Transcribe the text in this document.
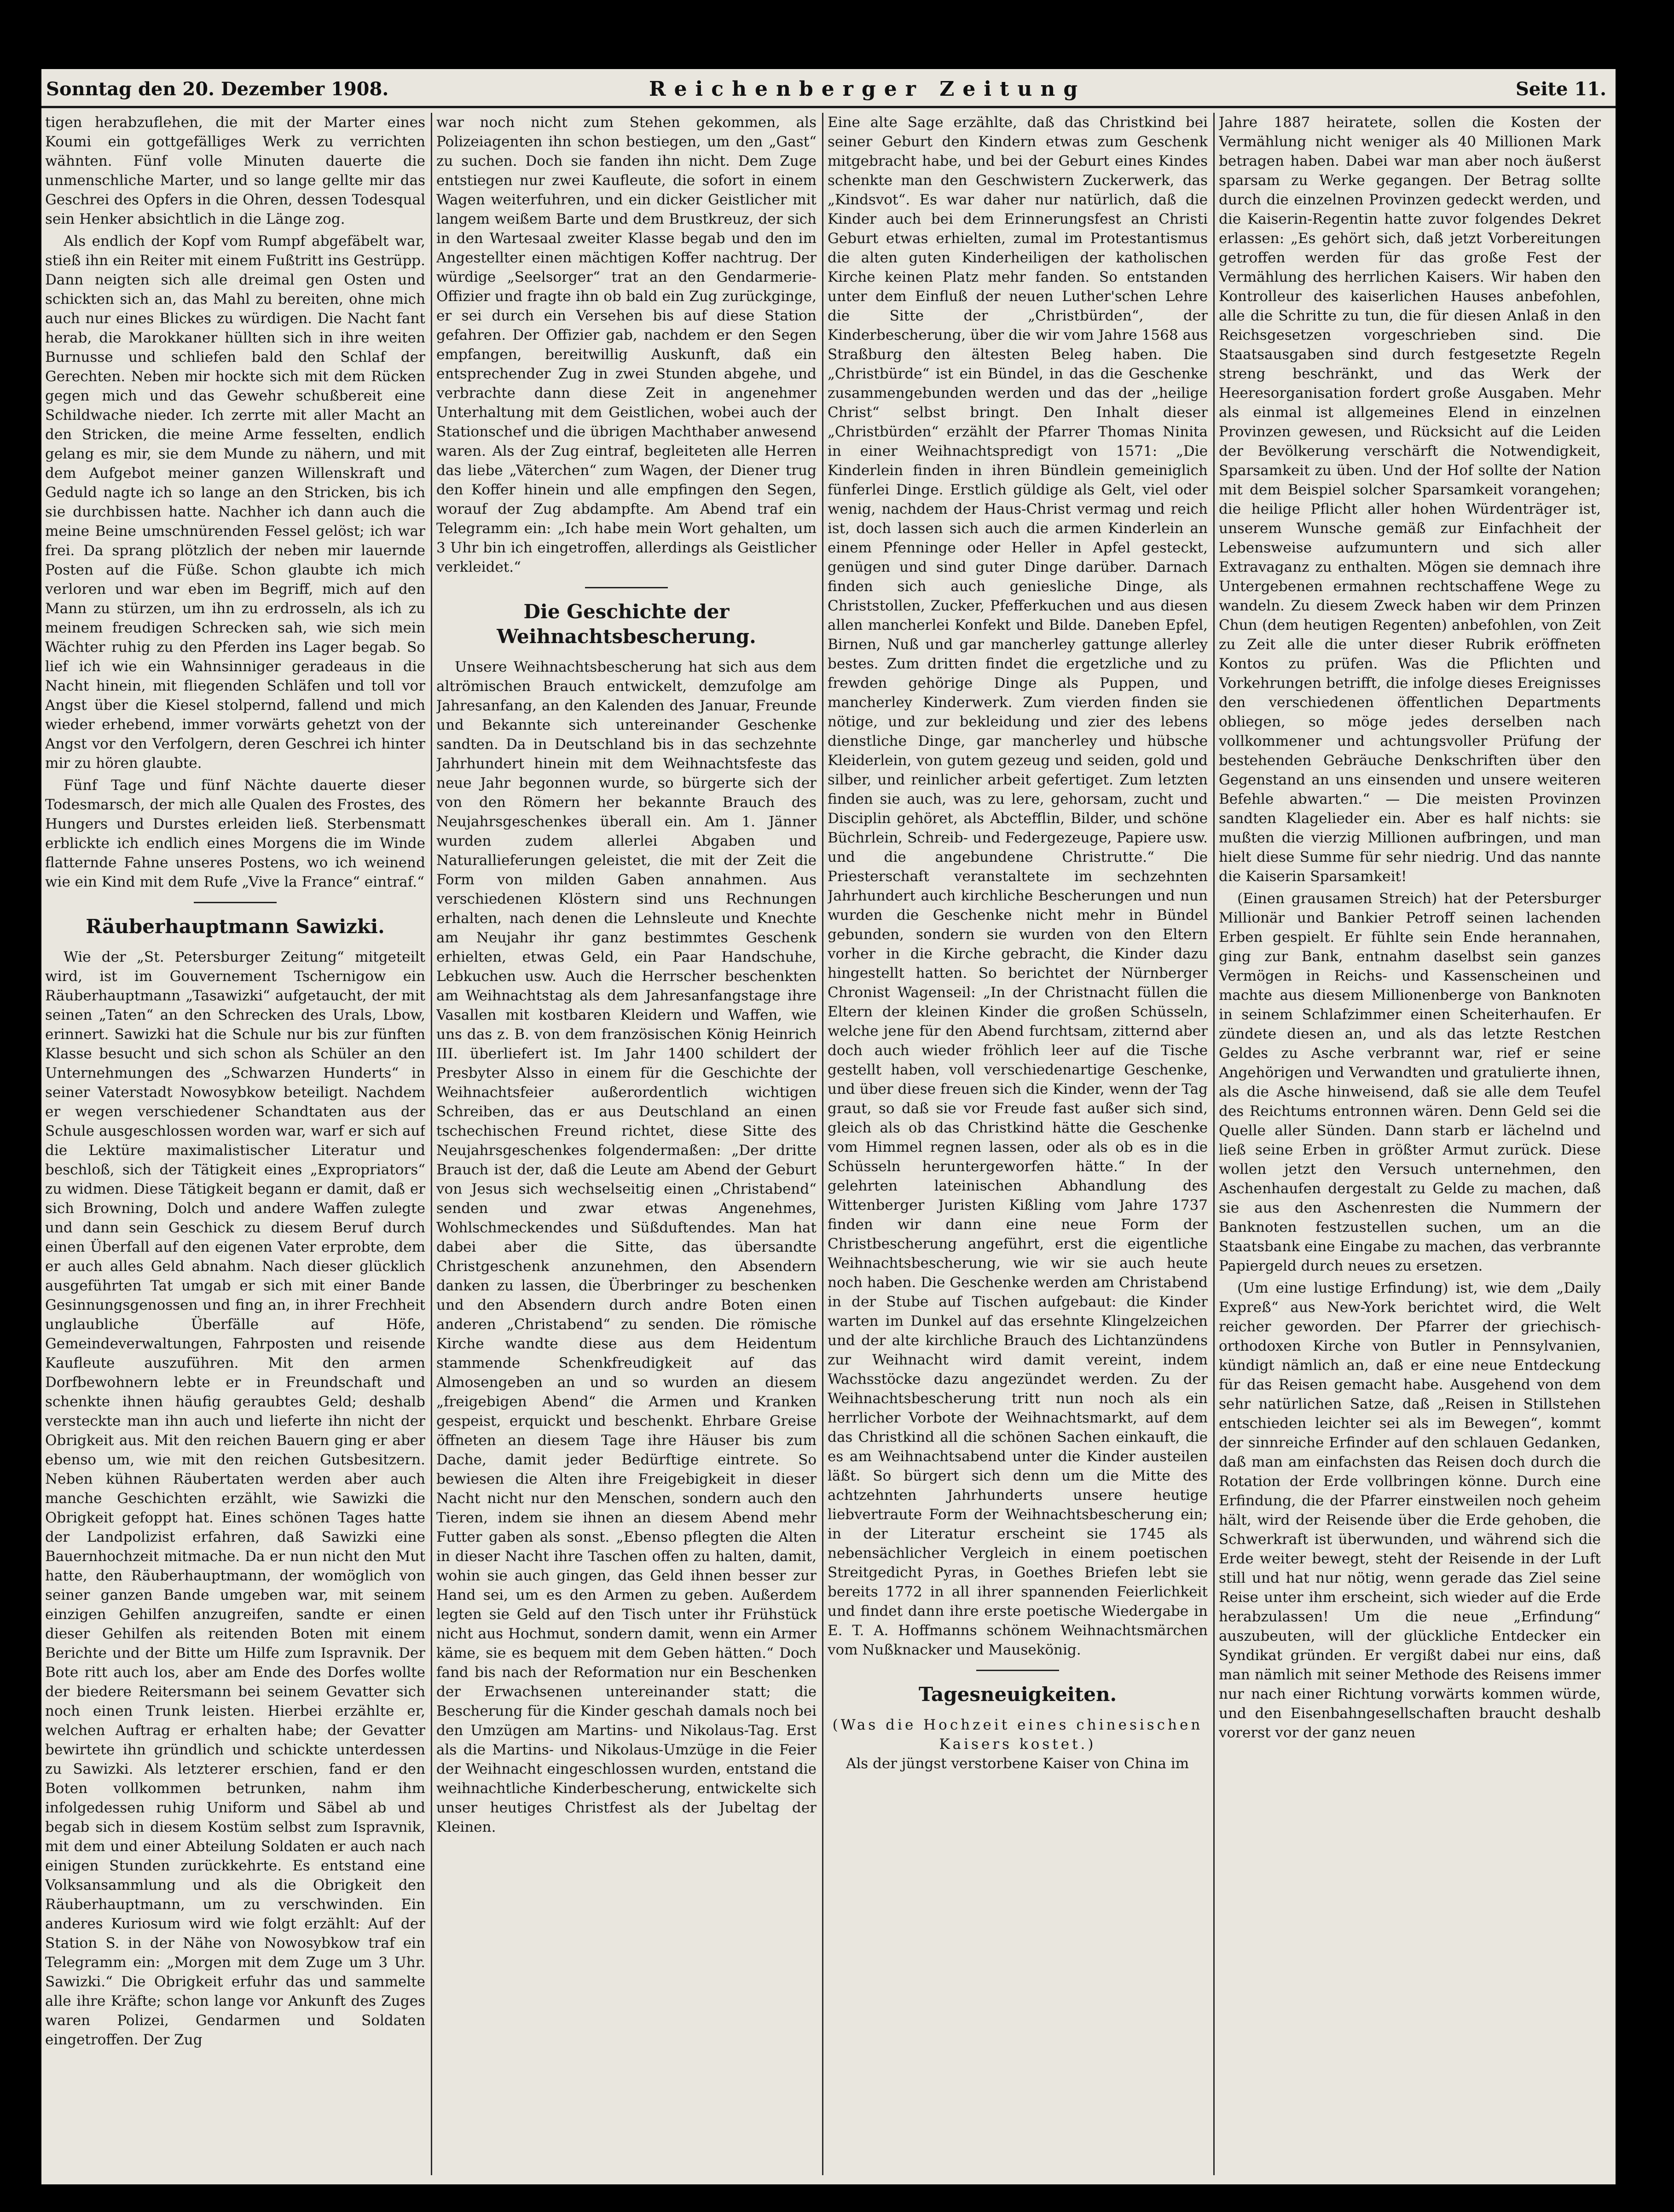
Sonntag den 20. Dezember 1908.	Reichenberger Zeitung	Seite 11.

tigen herabzuflehen, die mit der Marter eines Koumi ein gottgefälliges Werk zu verrichten wähnten. Fünf volle Minuten dauerte die unmenschliche Marter, und so lange gellte mir das Geschrei des Opfers in die Ohren, dessen Todesqual sein Henker absichtlich in die Länge zog.

Als endlich der Kopf vom Rumpf abgefäbelt war, stieß ihn ein Reiter mit einem Fußtritt ins Gestrüpp. Dann neigten sich alle dreimal gen Osten und schickten sich an, das Mahl zu bereiten, ohne mich auch nur eines Blickes zu würdigen. Die Nacht fant herab, die Marokkaner hüllten sich in ihre weiten Burnusse und schliefen bald den Schlaf der Gerechten. Neben mir hockte sich mit dem Rücken gegen mich und das Gewehr schußbereit eine Schildwache nieder. Ich zerrte mit aller Macht an den Stricken, die meine Arme fesselten, endlich gelang es mir, sie dem Munde zu nähern, und mit dem Aufgebot meiner ganzen Willenskraft und Geduld nagte ich so lange an den Stricken, bis ich sie durchbissen hatte. Nachher ich dann auch die meine Beine umschnürenden Fessel gelöst; ich war frei. Da sprang plötzlich der neben mir lauernde Posten auf die Füße. Schon glaubte ich mich verloren und war eben im Begriff, mich auf den Mann zu stürzen, um ihn zu erdrosseln, als ich zu meinem freudigen Schrecken sah, wie sich mein Wächter ruhig zu den Pferden ins Lager begab. So lief ich wie ein Wahnsinniger geradeaus in die Nacht hinein, mit fliegenden Schläfen und toll vor Angst über die Kiesel stolpernd, fallend und mich wieder erhebend, immer vorwärts gehetzt von der Angst vor den Verfolgern, deren Geschrei ich hinter mir zu hören glaubte.

Fünf Tage und fünf Nächte dauerte dieser Todesmarsch, der mich alle Qualen des Frostes, des Hungers und Durstes erleiden ließ. Sterbensmatt erblickte ich endlich eines Morgens die im Winde flatternde Fahne unseres Postens, wo ich weinend wie ein Kind mit dem Rufe „Vive la France“ eintraf.“

Räuberhauptmann Sawizki.

Wie der „St. Petersburger Zeitung“ mitgeteilt wird, ist im Gouvernement Tschernigow ein Räuberhauptmann „Tasawizki“ aufgetaucht, der mit seinen „Taten“ an den Schrecken des Urals, Lbow, erinnert. Sawizki hat die Schule nur bis zur fünften Klasse besucht und sich schon als Schüler an den Unternehmungen des „Schwarzen Hunderts“ in seiner Vaterstadt Nowosybkow beteiligt. Nachdem er wegen verschiedener Schandtaten aus der Schule ausgeschlossen worden war, warf er sich auf die Lektüre maximalistischer Literatur und beschloß, sich der Tätigkeit eines „Expropriators“ zu widmen. Diese Tätigkeit begann er damit, daß er sich Browning, Dolch und andere Waffen zulegte und dann sein Geschick zu diesem Beruf durch einen Überfall auf den eigenen Vater erprobte, dem er auch alles Geld abnahm. Nach dieser glücklich ausgeführten Tat umgab er sich mit einer Bande Gesinnungsgenossen und fing an, in ihrer Frechheit unglaubliche Überfälle auf Höfe, Gemeindeverwaltungen, Fahrposten und reisende Kaufleute auszuführen. Mit den armen Dorfbewohnern lebte er in Freundschaft und schenkte ihnen häufig geraubtes Geld; deshalb versteckte man ihn auch und lieferte ihn nicht der Obrigkeit aus. Mit den reichen Bauern ging er aber ebenso um, wie mit den reichen Gutsbesitzern. Neben kühnen Räubertaten werden aber auch manche Geschichten erzählt, wie Sawizki die Obrigkeit gefoppt hat. Eines schönen Tages hatte der Landpolizist erfahren, daß Sawizki eine Bauernhochzeit mitmache. Da er nun nicht den Mut hatte, den Räuberhauptmann, der womöglich von seiner ganzen Bande umgeben war, mit seinem einzigen Gehilfen anzugreifen, sandte er einen dieser Gehilfen als reitenden Boten mit einem Berichte und der Bitte um Hilfe zum Ispravnik. Der Bote ritt auch los, aber am Ende des Dorfes wollte der biedere Reitersmann bei seinem Gevatter sich noch einen Trunk leisten. Hierbei erzählte er, welchen Auftrag er erhalten habe; der Gevatter bewirtete ihn gründlich und schickte unterdessen zu Sawizki. Als letzterer erschien, fand er den Boten vollkommen betrunken, nahm ihm infolgedessen ruhig Uniform und Säbel ab und begab sich in diesem Kostüm selbst zum Ispravnik, mit dem und einer Abteilung Soldaten er auch nach einigen Stunden zurückkehrte. Es entstand eine Volksansammlung und als die Obrigkeit den Räuberhauptmann, um zu verschwinden. Ein anderes Kuriosum wird wie folgt erzählt: Auf der Station S. in der Nähe von Nowosybkow traf ein Telegramm ein: „Morgen mit dem Zuge um 3 Uhr. Sawizki.“ Die Obrigkeit erfuhr das und sammelte alle ihre Kräfte; schon lange vor Ankunft des Zuges waren Polizei, Gendarmen und Soldaten eingetroffen. Der Zug

war noch nicht zum Stehen gekommen, als Polizeiagenten ihn schon bestiegen, um den „Gast“ zu suchen. Doch sie fanden ihn nicht. Dem Zuge entstiegen nur zwei Kaufleute, die sofort in einem Wagen weiterfuhren, und ein dicker Geistlicher mit langem weißem Barte und dem Brustkreuz, der sich in den Wartesaal zweiter Klasse begab und den im Angestellter einen mächtigen Koffer nachtrug. Der würdige „Seelsorger“ trat an den Gendarmerie-Offizier und fragte ihn ob bald ein Zug zurückginge, er sei durch ein Versehen bis auf diese Station gefahren. Der Offizier gab, nachdem er den Segen empfangen, bereitwillig Auskunft, daß ein entsprechender Zug in zwei Stunden abgehe, und verbrachte dann diese Zeit in angenehmer Unterhaltung mit dem Geistlichen, wobei auch der Stationschef und die übrigen Machthaber anwesend waren. Als der Zug eintraf, begleiteten alle Herren das liebe „Väterchen“ zum Wagen, der Diener trug den Koffer hinein und alle empfingen den Segen, worauf der Zug abdampfte. Am Abend traf ein Telegramm ein: „Ich habe mein Wort gehalten, um 3 Uhr bin ich eingetroffen, allerdings als Geistlicher verkleidet.“

Die Geschichte der
Weihnachtsbescherung.

Unsere Weihnachtsbescherung hat sich aus dem altrömischen Brauch entwickelt, demzufolge am Jahresanfang, an den Kalenden des Januar, Freunde und Bekannte sich untereinander Geschenke sandten. Da in Deutschland bis in das sechzehnte Jahrhundert hinein mit dem Weihnachtsfeste das neue Jahr begonnen wurde, so bürgerte sich der von den Römern her bekannte Brauch des Neujahrsgeschenkes überall ein. Am 1. Jänner wurden zudem allerlei Abgaben und Naturallieferungen geleistet, die mit der Zeit die Form von milden Gaben annahmen. Aus verschiedenen Klöstern sind uns Rechnungen erhalten, nach denen die Lehnsleute und Knechte am Neujahr ihr ganz bestimmtes Geschenk erhielten, etwas Geld, ein Paar Handschuhe, Lebkuchen usw. Auch die Herrscher beschenkten am Weihnachtstag als dem Jahresanfangstage ihre Vasallen mit kostbaren Kleidern und Waffen, wie uns das z. B. von dem französischen König Heinrich III. überliefert ist. Im Jahr 1400 schildert der Presbyter Alsso in einem für die Geschichte der Weihnachtsfeier außerordentlich wichtigen Schreiben, das er aus Deutschland an einen tschechischen Freund richtet, diese Sitte des Neujahrsgeschenkes folgendermaßen: „Der dritte Brauch ist der, daß die Leute am Abend der Geburt von Jesus sich wechselseitig einen „Christabend“ senden und zwar etwas Angenehmes, Wohlschmeckendes und Süßduftendes. Man hat dabei aber die Sitte, das übersandte Christgeschenk anzunehmen, den Absendern danken zu lassen, die Überbringer zu beschenken und den Absendern durch andre Boten einen anderen „Christabend“ zu senden. Die römische Kirche wandte diese aus dem Heidentum stammende Schenkfreudigkeit auf das Almosengeben an und so wurden an diesem „freigebigen Abend“ die Armen und Kranken gespeist, erquickt und beschenkt. Ehrbare Greise öffneten an diesem Tage ihre Häuser bis zum Dache, damit jeder Bedürftige eintrete. So bewiesen die Alten ihre Freigebigkeit in dieser Nacht nicht nur den Menschen, sondern auch den Tieren, indem sie ihnen an diesem Abend mehr Futter gaben als sonst. „Ebenso pflegten die Alten in dieser Nacht ihre Taschen offen zu halten, damit, wohin sie auch gingen, das Geld ihnen besser zur Hand sei, um es den Armen zu geben. Außerdem legten sie Geld auf den Tisch unter ihr Frühstück nicht aus Hochmut, sondern damit, wenn ein Armer käme, sie es bequem mit dem Geben hätten.“ Doch fand bis nach der Reformation nur ein Beschenken der Erwachsenen untereinander statt; die Bescherung für die Kinder geschah damals noch bei den Umzügen am Martins- und Nikolaus-Tag. Erst als die Martins- und Nikolaus-Umzüge in die Feier der Weihnacht eingeschlossen wurden, entstand die weihnachtliche Kinderbescherung, entwickelte sich unser heutiges Christfest als der Jubeltag der Kleinen.

Eine alte Sage erzählte, daß das Christkind bei seiner Geburt den Kindern etwas zum Geschenk mitgebracht habe, und bei der Geburt eines Kindes schenkte man den Geschwistern Zuckerwerk, das „Kindsvot“. Es war daher nur natürlich, daß die Kinder auch bei dem Erinnerungsfest an Christi Geburt etwas erhielten, zumal im Protestantismus die alten guten Kinderheiligen der katholischen Kirche keinen Platz mehr fanden. So entstanden unter dem Einfluß der neuen Luther'schen Lehre die Sitte der „Christbürden“, der Kinderbescherung, über die wir vom Jahre 1568 aus Straßburg den ältesten Beleg haben. Die „Christbürde“ ist ein Bündel, in das die Geschenke zusammengebunden werden und das der „heilige Christ“ selbst bringt. Den Inhalt dieser „Christbürden“ erzählt der Pfarrer Thomas Ninita in einer Weihnachtspredigt von 1571: „Die Kinderlein finden in ihren Bündlein gemeiniglich fünferlei Dinge. Erstlich güldige als Gelt, viel oder wenig, nachdem der Haus-Christ vermag und reich ist, doch lassen sich auch die armen Kinderlein an einem Pfenninge oder Heller in Apfel gesteckt, genügen und sind guter Dinge darüber. Darnach finden sich auch geniesliche Dinge, als Christstollen, Zucker, Pfefferkuchen und aus diesen allen mancherlei Konfekt und Bilde. Daneben Epfel, Birnen, Nuß und gar mancherley gattunge allerley bestes. Zum dritten findet die ergetzliche und zu frewden gehörige Dinge als Puppen, und mancherley Kinderwerk. Zum vierden finden sie nötige, und zur bekleidung und zier des lebens dienstliche Dinge, gar mancherley und hübsche Kleiderlein, von gutem gezeug und seiden, gold und silber, und reinlicher arbeit gefertiget. Zum letzten finden sie auch, was zu lere, gehorsam, zucht und Disciplin gehöret, als Abctefflin, Bilder, und schöne Büchrlein, Schreib- und Federgezeuge, Papiere usw. und die angebundene Christrutte.“ Die Priesterschaft veranstaltete im sechzehnten Jahrhundert auch kirchliche Bescherungen und nun wurden die Geschenke nicht mehr in Bündel gebunden, sondern sie wurden von den Eltern vorher in die Kirche gebracht, die Kinder dazu hingestellt hatten. So berichtet der Nürnberger Chronist Wagenseil: „In der Christnacht füllen die Eltern der kleinen Kinder die großen Schüsseln, welche jene für den Abend furchtsam, zitternd aber doch auch wieder fröhlich leer auf die Tische gestellt haben, voll verschiedenartige Geschenke, und über diese freuen sich die Kinder, wenn der Tag graut, so daß sie vor Freude fast außer sich sind, gleich als ob das Christkind hätte die Geschenke vom Himmel regnen lassen, oder als ob es in die Schüsseln heruntergeworfen hätte.“ In der gelehrten lateinischen Abhandlung des Wittenberger Juristen Kißling vom Jahre 1737 finden wir dann eine neue Form der Christbescherung angeführt, erst die eigentliche Weihnachtsbescherung, wie wir sie auch heute noch haben. Die Geschenke werden am Christabend in der Stube auf Tischen aufgebaut: die Kinder warten im Dunkel auf das ersehnte Klingelzeichen und der alte kirchliche Brauch des Lichtanzündens zur Weihnacht wird damit vereint, indem Wachsstöcke dazu angezündet werden. Zu der Weihnachtsbescherung tritt nun noch als ein herrlicher Vorbote der Weihnachtsmarkt, auf dem das Christkind all die schönen Sachen einkauft, die es am Weihnachtsabend unter die Kinder austeilen läßt. So bürgert sich denn um die Mitte des achtzehnten Jahrhunderts unsere heutige liebvertraute Form der Weihnachtsbescherung ein; in der Literatur erscheint sie 1745 als nebensächlicher Vergleich in einem poetischen Streitgedicht Pyras, in Goethes Briefen lebt sie bereits 1772 in all ihrer spannenden Feierlichkeit und findet dann ihre erste poetische Wiedergabe in E. T. A. Hoffmanns schönem Weihnachtsmärchen vom Nußknacker und Mausekönig.

Tagesneuigkeiten.
(Was die Hochzeit eines chinesischen Kaisers kostet.)

Als der jüngst verstorbene Kaiser von China im

Jahre 1887 heiratete, sollen die Kosten der Vermählung nicht weniger als 40 Millionen Mark betragen haben. Dabei war man aber noch äußerst sparsam zu Werke gegangen. Der Betrag sollte durch die einzelnen Provinzen gedeckt werden, und die Kaiserin-Regentin hatte zuvor folgendes Dekret erlassen: „Es gehört sich, daß jetzt Vorbereitungen getroffen werden für das große Fest der Vermählung des herrlichen Kaisers. Wir haben den Kontrolleur des kaiserlichen Hauses anbefohlen, alle die Schritte zu tun, die für diesen Anlaß in den Reichsgesetzen vorgeschrieben sind. Die Staatsausgaben sind durch festgesetzte Regeln streng beschränkt, und das Werk der Heeresorganisation fordert große Ausgaben. Mehr als einmal ist allgemeines Elend in einzelnen Provinzen gewesen, und Rücksicht auf die Leiden der Bevölkerung verschärft die Notwendigkeit, Sparsamkeit zu üben. Und der Hof sollte der Nation mit dem Beispiel solcher Sparsamkeit vorangehen; die heilige Pflicht aller hohen Würdenträger ist, unserem Wunsche gemäß zur Einfachheit der Lebensweise aufzumuntern und sich aller Extravaganz zu enthalten. Mögen sie demnach ihre Untergebenen ermahnen rechtschaffene Wege zu wandeln. Zu diesem Zweck haben wir dem Prinzen Chun (dem heutigen Regenten) anbefohlen, von Zeit zu Zeit alle die unter dieser Rubrik eröffneten Kontos zu prüfen. Was die Pflichten und Vorkehrungen betrifft, die infolge dieses Ereignisses den verschiedenen öffentlichen Departments obliegen, so möge jedes derselben nach vollkommener und achtungsvoller Prüfung der bestehenden Gebräuche Denkschriften über den Gegenstand an uns einsenden und unsere weiteren Befehle abwarten.“ — Die meisten Provinzen sandten Klagelieder ein. Aber es half nichts: sie mußten die vierzig Millionen aufbringen, und man hielt diese Summe für sehr niedrig. Und das nannte die Kaiserin Sparsamkeit!

(Einen grausamen Streich) hat der Petersburger Millionär und Bankier Petroff seinen lachenden Erben gespielt. Er fühlte sein Ende herannahen, ging zur Bank, entnahm daselbst sein ganzes Vermögen in Reichs- und Kassenscheinen und machte aus diesem Millionenberge von Banknoten in seinem Schlafzimmer einen Scheiterhaufen. Er zündete diesen an, und als das letzte Restchen Geldes zu Asche verbrannt war, rief er seine Angehörigen und Verwandten und gratulierte ihnen, als die Asche hinweisend, daß sie alle dem Teufel des Reichtums entronnen wären. Denn Geld sei die Quelle aller Sünden. Dann starb er lächelnd und ließ seine Erben in größter Armut zurück. Diese wollen jetzt den Versuch unternehmen, den Aschenhaufen dergestalt zu Gelde zu machen, daß sie aus den Aschenresten die Nummern der Banknoten festzustellen suchen, um an die Staatsbank eine Eingabe zu machen, das verbrannte Papiergeld durch neues zu ersetzen.

(Um eine lustige Erfindung) ist, wie dem „Daily Expreß“ aus New-York berichtet wird, die Welt reicher geworden. Der Pfarrer der griechisch-orthodoxen Kirche von Butler in Pennsylvanien, kündigt nämlich an, daß er eine neue Entdeckung für das Reisen gemacht habe. Ausgehend von dem sehr natürlichen Satze, daß „Reisen in Stillstehen entschieden leichter sei als im Bewegen“, kommt der sinnreiche Erfinder auf den schlauen Gedanken, daß man am einfachsten das Reisen doch durch die Rotation der Erde vollbringen könne. Durch eine Erfindung, die der Pfarrer einstweilen noch geheim hält, wird der Reisende über die Erde gehoben, die Schwerkraft ist überwunden, und während sich die Erde weiter bewegt, steht der Reisende in der Luft still und hat nur nötig, wenn gerade das Ziel seine Reise unter ihm erscheint, sich wieder auf die Erde herabzulassen! Um die neue „Erfindung“ auszubeuten, will der glückliche Entdecker ein Syndikat gründen. Er vergißt dabei nur eins, daß man nämlich mit seiner Methode des Reisens immer nur nach einer Richtung vorwärts kommen würde, und den Eisenbahngesellschaften braucht deshalb vorerst vor der ganz neuen
